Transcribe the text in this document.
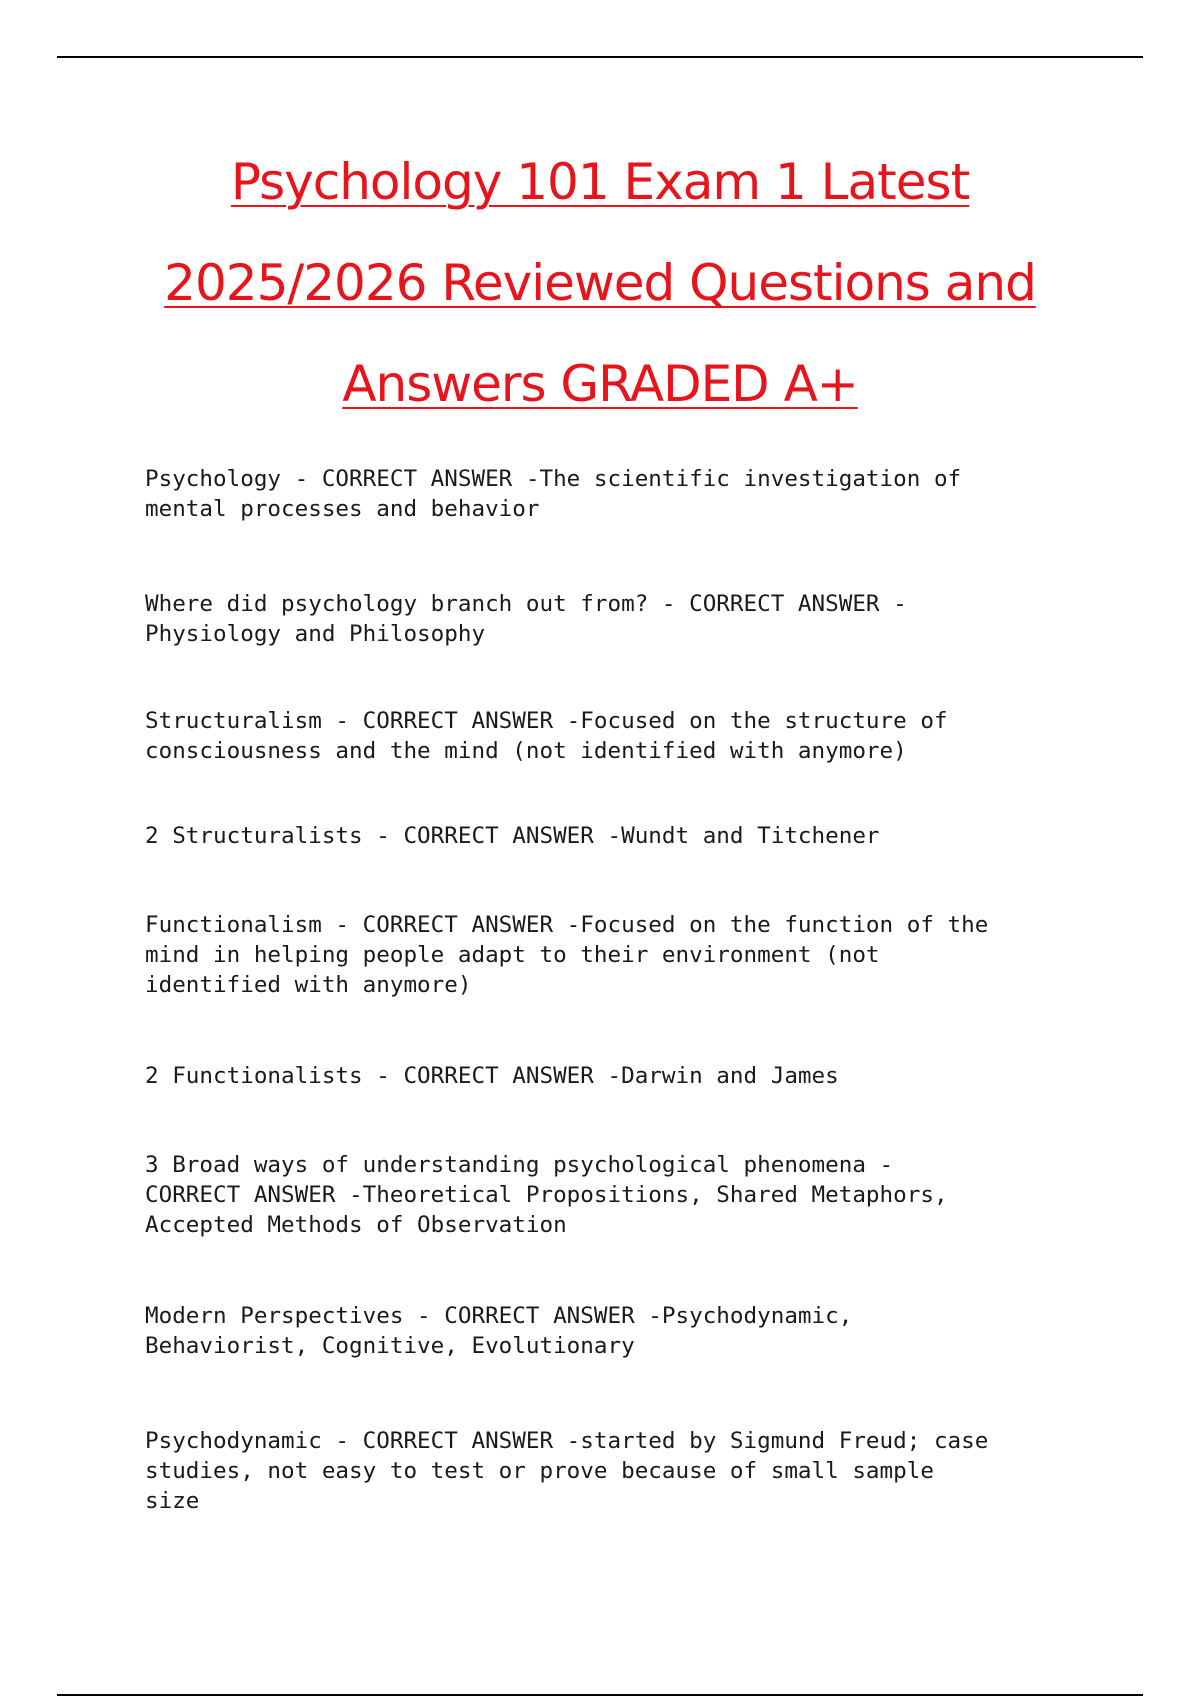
Psychology 101 Exam 1 Latest
2025/2026 Reviewed Questions and
Answers GRADED A+
Psychology - CORRECT ANSWER -The scientific investigation of
mental processes and behavior
Where did psychology branch out from? - CORRECT ANSWER -
Physiology and Philosophy
Structuralism - CORRECT ANSWER -Focused on the structure of
consciousness and the mind (not identified with anymore)
2 Structuralists - CORRECT ANSWER -Wundt and Titchener
Functionalism - CORRECT ANSWER -Focused on the function of the
mind in helping people adapt to their environment (not
identified with anymore)
2 Functionalists - CORRECT ANSWER -Darwin and James
3 Broad ways of understanding psychological phenomena -
CORRECT ANSWER -Theoretical Propositions, Shared Metaphors,
Accepted Methods of Observation
Modern Perspectives - CORRECT ANSWER -Psychodynamic,
Behaviorist, Cognitive, Evolutionary
Psychodynamic - CORRECT ANSWER -started by Sigmund Freud; case
studies, not easy to test or prove because of small sample
size
